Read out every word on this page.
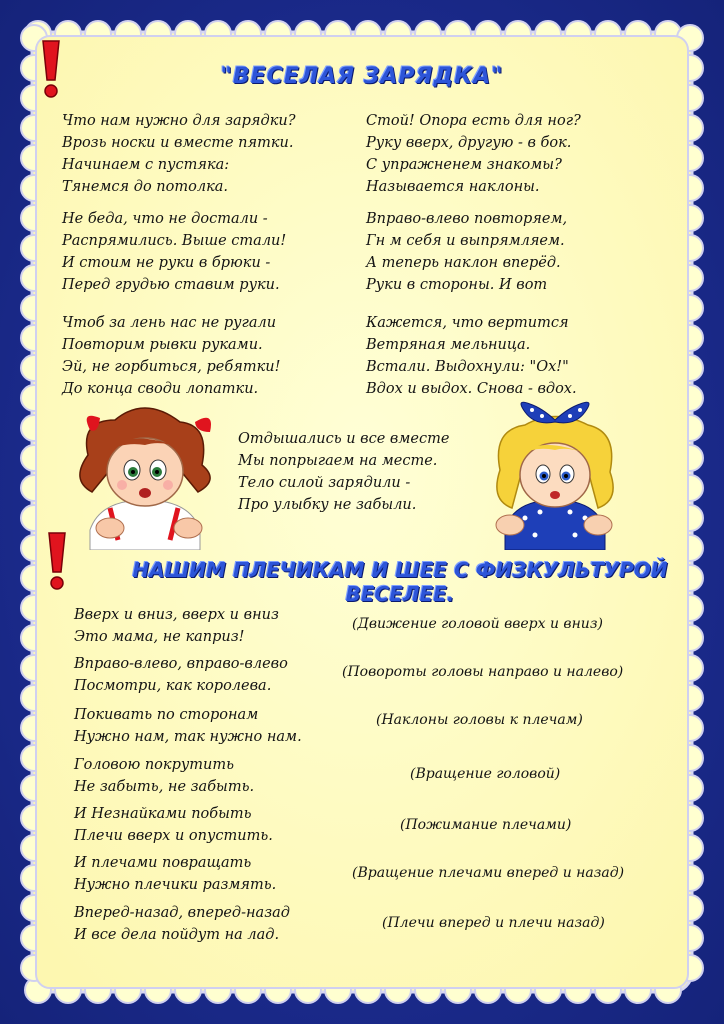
"ВЕСЕЛАЯ ЗАРЯДКА"
Что нам нужно для зарядки?
Врозь носки и вместе пятки.
Начинаем с пустяка:
Тянемся до потолка.
Не беда, что не достали -
Распрямились. Выше стали!
И стоим не руки в брюки -
Перед грудью ставим руки.
Чтоб за лень нас не ругали
Повторим рывки руками.
Эй, не горбиться, ребятки!
До конца своди лопатки.
Стой! Опора есть для ног?
Руку вверх, другую - в бок.
С упражненем знакомы?
Называется наклоны.
Вправо-влево повторяем,
Гн м себя и выпрямляем.
А теперь наклон вперёд.
Руки в стороны. И вот
Кажется, что вертится
Ветряная мельница.
Встали. Выдохнули: "Ох!"
Вдох и выдох. Снова - вдох.
Отдышались и все вместе
Мы попрыгаем на месте.
Тело силой зарядили -
Про улыбку не забыли.
НАШИМ ПЛЕЧИКАМ И ШЕЕ С ФИЗКУЛЬТУРОЙ ВЕСЕЛЕЕ.
Вверх и вниз, вверх и вниз
Это мама, не каприз!
(Движение головой вверх и вниз)
Вправо-влево, вправо-влево
Посмотри, как королева.
(Повороты головы направо и налево)
Покивать по сторонам
Нужно нам, так нужно нам.
(Наклоны головы к плечам)
Головою покрутить
Не забыть, не забыть.
(Вращение головой)
И Незнайками побыть
Плечи вверх и опустить.
(Пожимание плечами)
И плечами повращать
Нужно плечики размять.
(Вращение плечами вперед и назад)
Вперед-назад, вперед-назад
И все дела пойдут на лад.
(Плечи вперед и плечи назад)
